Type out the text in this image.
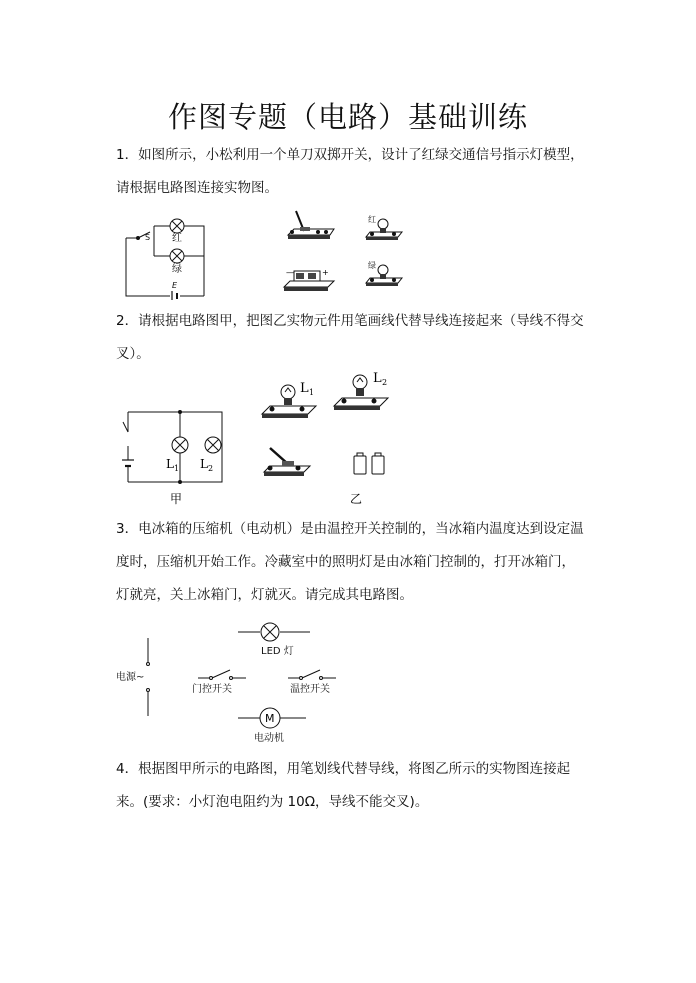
作图专题（电路）基础训练
1．如图所示，小松利用一个单刀双掷开关，设计了红绿交通信号指示灯模型，请根据电路图连接实物图。
S 红
绿
E
红
—	+
绿
2．请根据电路图甲，把图乙实物元件用笔画线代替导线连接起来（导线不得交叉）。
L 1 L 2
甲
L 1
L 2
乙
3．电冰箱的压缩机（电动机）是由温控开关控制的，当冰箱内温度达到设定温度时，压缩机开始工作。冷藏室中的照明灯是由冰箱门控制的，打开冰箱门，灯就亮，关上冰箱门，灯就灭。请完成其电路图。
电源~
LED 灯
门控开关	温控开关
M
电动机
4．根据图甲所示的电路图，用笔划线代替导线，将图乙所示的实物图连接起来。(要求：小灯泡电阻约为 10Ω，导线不能交叉)。
